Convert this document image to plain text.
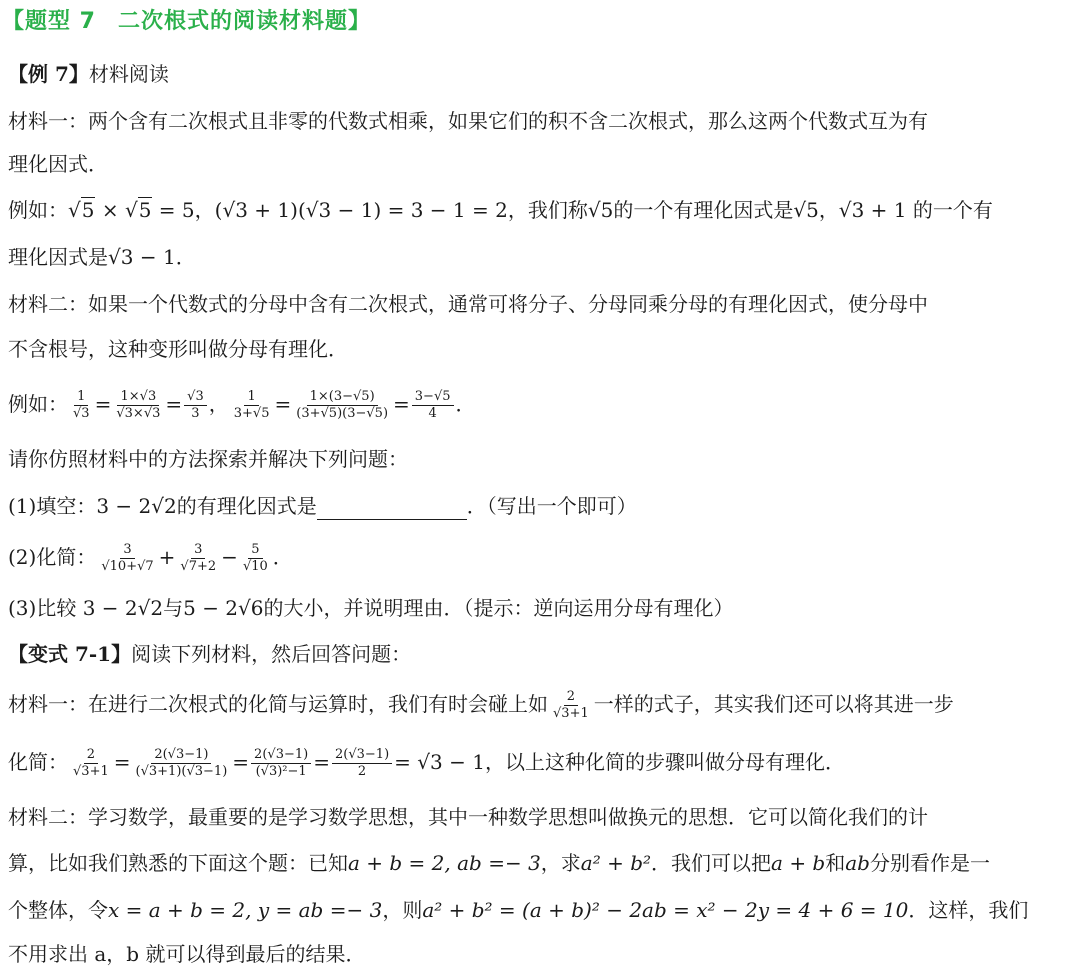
【题型 7 二次根式的阅读材料题】
【例 7】材料阅读
材料一：两个含有二次根式且非零的代数式相乘，如果它们的积不含二次根式，那么这两个代数式互为有
理化因式．
例如：√5 × √5 = 5，(√3 + 1)(√3 − 1) = 3 − 1 = 2，我们称√5的一个有理化因式是√5，√3 + 1 的一个有
理化因式是√3 − 1．
材料二：如果一个代数式的分母中含有二次根式，通常可将分子、分母同乘分母的有理化因式，使分母中
不含根号，这种变形叫做分母有理化．
例如： $\frac{1}{√3} = \frac{1\times√3}{√3\times√3} = \frac{√3}{3}$ ， $\frac{1}{3+√5} = \frac{1\times(3-√5)}{(3+√5)(3-√5)} = \frac{3-√5}{4}$ ．
请你仿照材料中的方法探索并解决下列问题：
(1)填空：3 − 2√2的有理化因式是	．（写出一个即可）
(2)化简： $\frac{3}{√10+√7} + \frac{3}{√7+2} - \frac{5}{√10}$ ．
(3)比较 3 − 2√2与5 − 2√6的大小，并说明理由．（提示：逆向运用分母有理化）
【变式 7-1】阅读下列材料，然后回答问题：
材料一：在进行二次根式的化简与运算时，我们有时会碰上如 $\frac{2}{√3+1}$ 一样的式子，其实我们还可以将其进一步
化简： $\frac{2}{√3+1} = \frac{2(√3-1)}{(√3+1)(√3-1)} = \frac{2(√3-1)}{\text{(√3)²−1}} = \frac{2(√3-1)}{2} = √3 - 1$，以上这种化简的步骤叫做分母有理化．
材料二：学习数学，最重要的是学习数学思想，其中一种数学思想叫做换元的思想．它可以简化我们的计
算，比如我们熟悉的下面这个题：已知a + b = 2, ab =− 3，求a² + b²．我们可以把a + b和ab分别看作是一
个整体，令x = a + b = 2, y = ab =− 3，则a² + b² = (a + b)² − 2ab = x² − 2y = 4 + 6 = 10．这样，我们
不用求出 a，b 就可以得到最后的结果．
